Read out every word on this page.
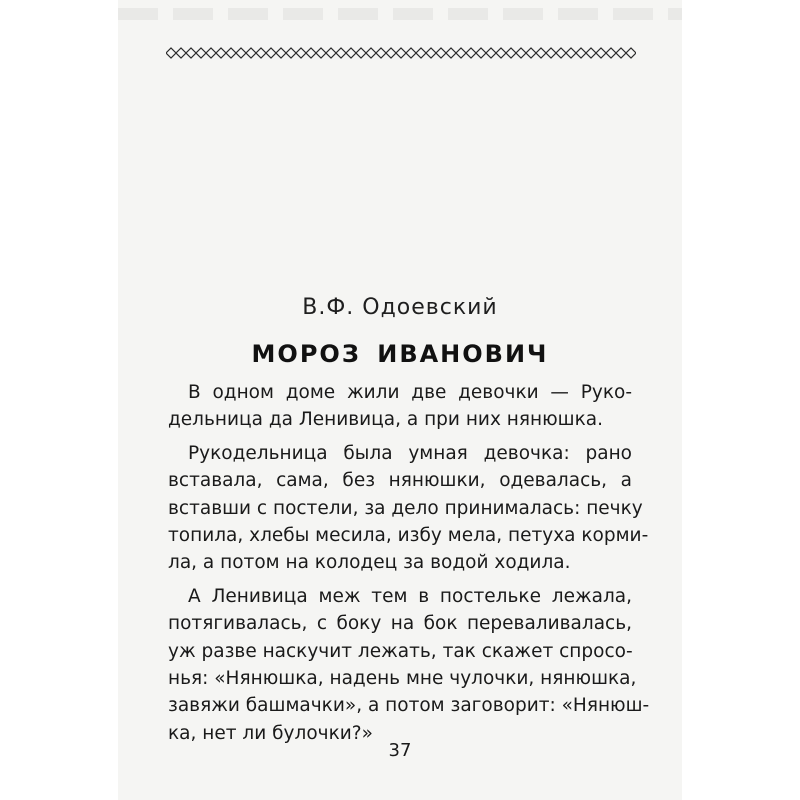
В.Ф. Одоевский
МОРОЗ ИВАНОВИЧ
В одном доме жили две девочки — Руко-
дельница да Ленивица, а при них нянюшка.
Рукодельница была умная девочка: рано
вставала, сама, без нянюшки, одевалась, а
вставши с постели, за дело принималась: печку
топила, хлебы месила, избу мела, петуха корми-
ла, а потом на колодец за водой ходила.
А Ленивица меж тем в постельке лежала,
потягивалась, с боку на бок переваливалась,
уж разве наскучит лежать, так скажет спросо-
нья: «Нянюшка, надень мне чулочки, нянюшка,
завяжи башмачки», а потом заговорит: «Нянюш-
ка, нет ли булочки?»
37
